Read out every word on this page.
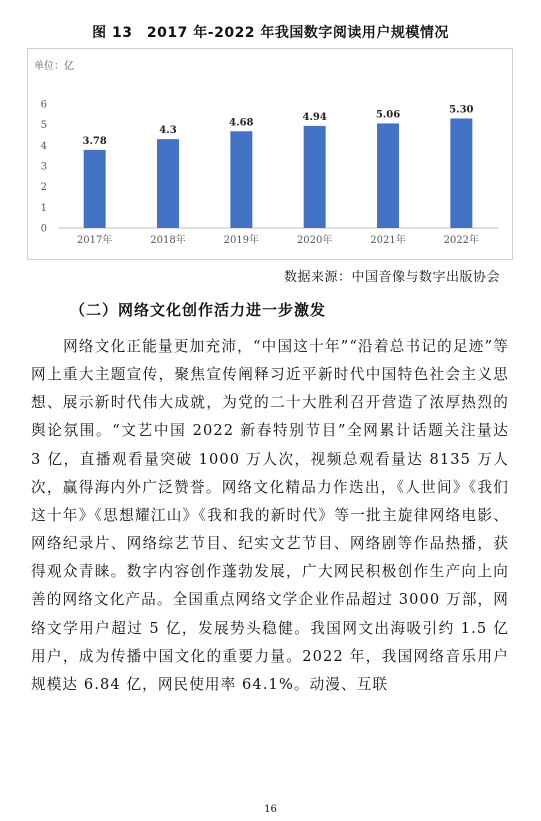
图 13　2017 年-2022 年我国数字阅读用户规模情况
单位：亿
0
1
2
3
4
5
6
3.78
2017年
4.3
2018年
4.68
2019年
4.94
2020年
5.06
2021年
5.30
2022年
数据来源：中国音像与数字出版协会
（二）网络文化创作活力进一步激发

网络文化正能量更加充沛，“中国这十年”“沿着总书记的足迹”等网上重大主题宣传，聚焦宣传阐释习近平新时代中国特色社会主义思想、展示新时代伟大成就，为党的二十大胜利召开营造了浓厚热烈的舆论氛围。“文艺中国 2022 新春特别节目”全网累计话题关注量达 3 亿，直播观看量突破 1000 万人次，视频总观看量达 8135 万人次，赢得海内外广泛赞誉。网络文化精品力作迭出，《人世间》《我们这十年》《思想耀江山》《我和我的新时代》等一批主旋律网络电影、网络纪录片、网络综艺节目、纪实文艺节目、网络剧等作品热播，获得观众青睐。数字内容创作蓬勃发展，广大网民积极创作生产向上向善的网络文化产品。全国重点网络文学企业作品超过 3000 万部，网络文学用户超过 5 亿，发展势头稳健。我国网文出海吸引约 1.5 亿用户，成为传播中国文化的重要力量。2022 年，我国网络音乐用户规模达 6.84 亿，网民使用率 64.1%。动漫、互联

16
